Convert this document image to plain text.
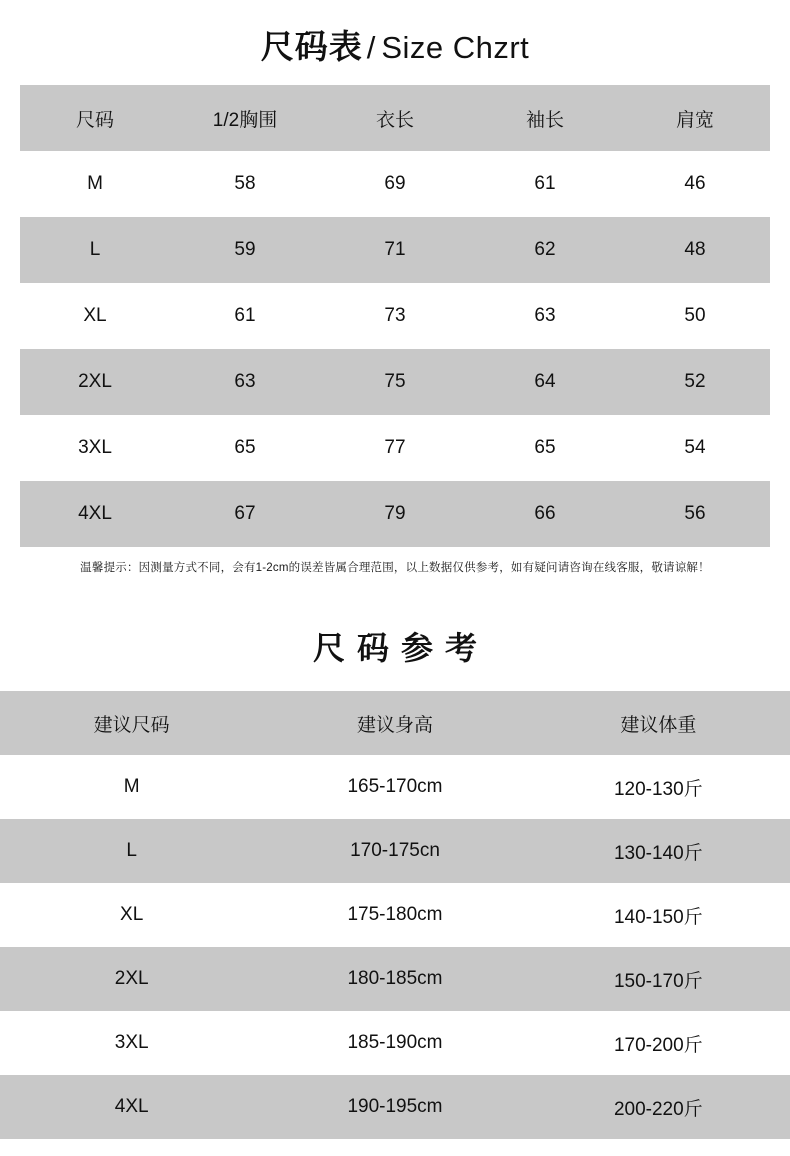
尺码表 / Size Chzrt
尺码	1/2胸围	衣长	袖长	肩宽
M	58	69	61	46
L	59	71	62	48
XL	61	73	63	50
2XL	63	75	64	52
3XL	65	77	65	54
4XL	67	79	66	56
温馨提示：因测量方式不同，会有1-2cm的误差皆属合理范围，以上数据仅供参考，如有疑问请咨询在线客服，敬请谅解！
尺码参考
建议尺码	建议身高	建议体重
M	165-170cm	120-130斤
L	170-175cn	130-140斤
XL	175-180cm	140-150斤
2XL	180-185cm	150-170斤
3XL	185-190cm	170-200斤
4XL	190-195cm	200-220斤
